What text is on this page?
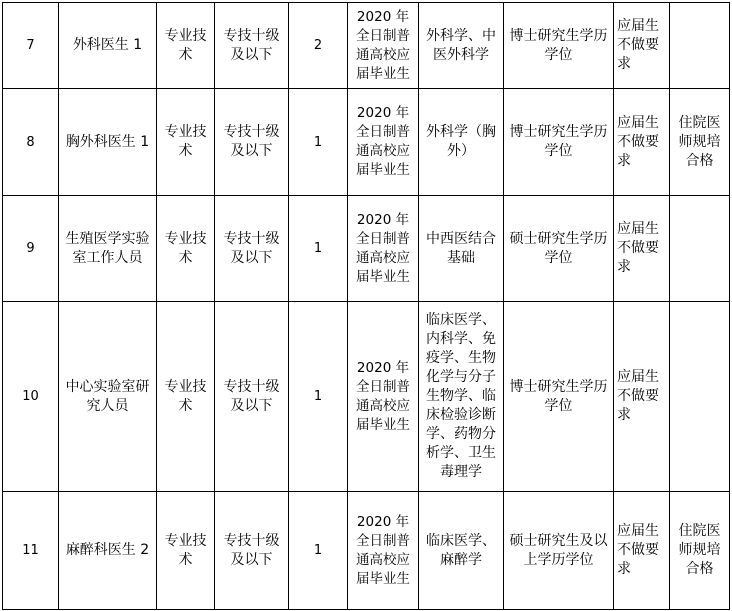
7	外科医生 1	专业技术	专技十级及以下	2	2020 年全日制普通高校应届毕业生	外科学、中医外科学	博士研究生学历学位	应届生不做要求	
8	胸外科医生 1	专业技术	专技十级及以下	1	2020 年全日制普通高校应届毕业生	外科学（胸外）	博士研究生学历学位	应届生不做要求	住院医师规培合格
9	生殖医学实验室工作人员	专业技术	专技十级及以下	1	2020 年全日制普通高校应届毕业生	中西医结合基础	硕士研究生学历学位	应届生不做要求	
10	中心实验室研究人员	专业技术	专技十级及以下	1	2020 年全日制普通高校应届毕业生	临床医学、内科学、免疫学、生物化学与分子生物学、临床检验诊断学、药物分析学、卫生毒理学	博士研究生学历学位	应届生不做要求	
11	麻醉科医生 2	专业技术	专技十级及以下	1	2020 年全日制普通高校应届毕业生	临床医学、麻醉学	硕士研究生及以上学历学位	应届生不做要求	住院医师规培合格
